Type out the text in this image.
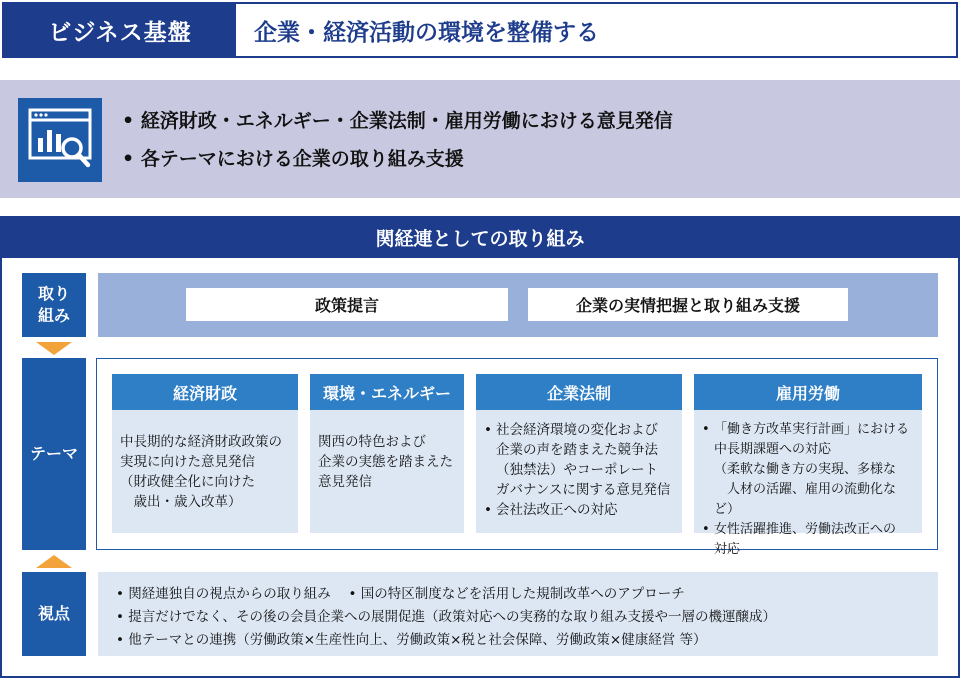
ビジネス基盤	企業・経済活動の環境を整備する
• 経済財政・エネルギー・企業法制・雇用労働における意見発信
• 各テーマにおける企業の取り組み支援
関経連としての取り組み
取り
組み
テーマ
視点
政策提言	企業の実情把握と取り組み支援
経済財政

中長期的な経済財政政策の

実現に向けた意見発信

（財政健全化に向けた

　歳出・歳入改革）

環境・エネルギー

関西の特色および

企業の実態を踏まえた

意見発信

企業法制
• 社会経済環境の変化および
企業の声を踏まえた競争法
（独禁法）やコーポレート
ガバナンスに関する意見発信
• 会社法改正への対応
雇用労働
• 「働き方改革実行計画」における
中長期課題への対応
（柔軟な働き方の実現、多様な
　人材の活躍、雇用の流動化など）
• 女性活躍推進、労働法改正への
対応
• 関経連独自の視点からの取り組み　 • 国の特区制度などを活用した規制改革へのアプローチ
• 提言だけでなく、その後の会員企業への展開促進（政策対応への実務的な取り組み支援や一層の機運醸成）
• 他テーマとの連携（労働政策×生産性向上、労働政策×税と社会保障、労働政策×健康経営 等）
